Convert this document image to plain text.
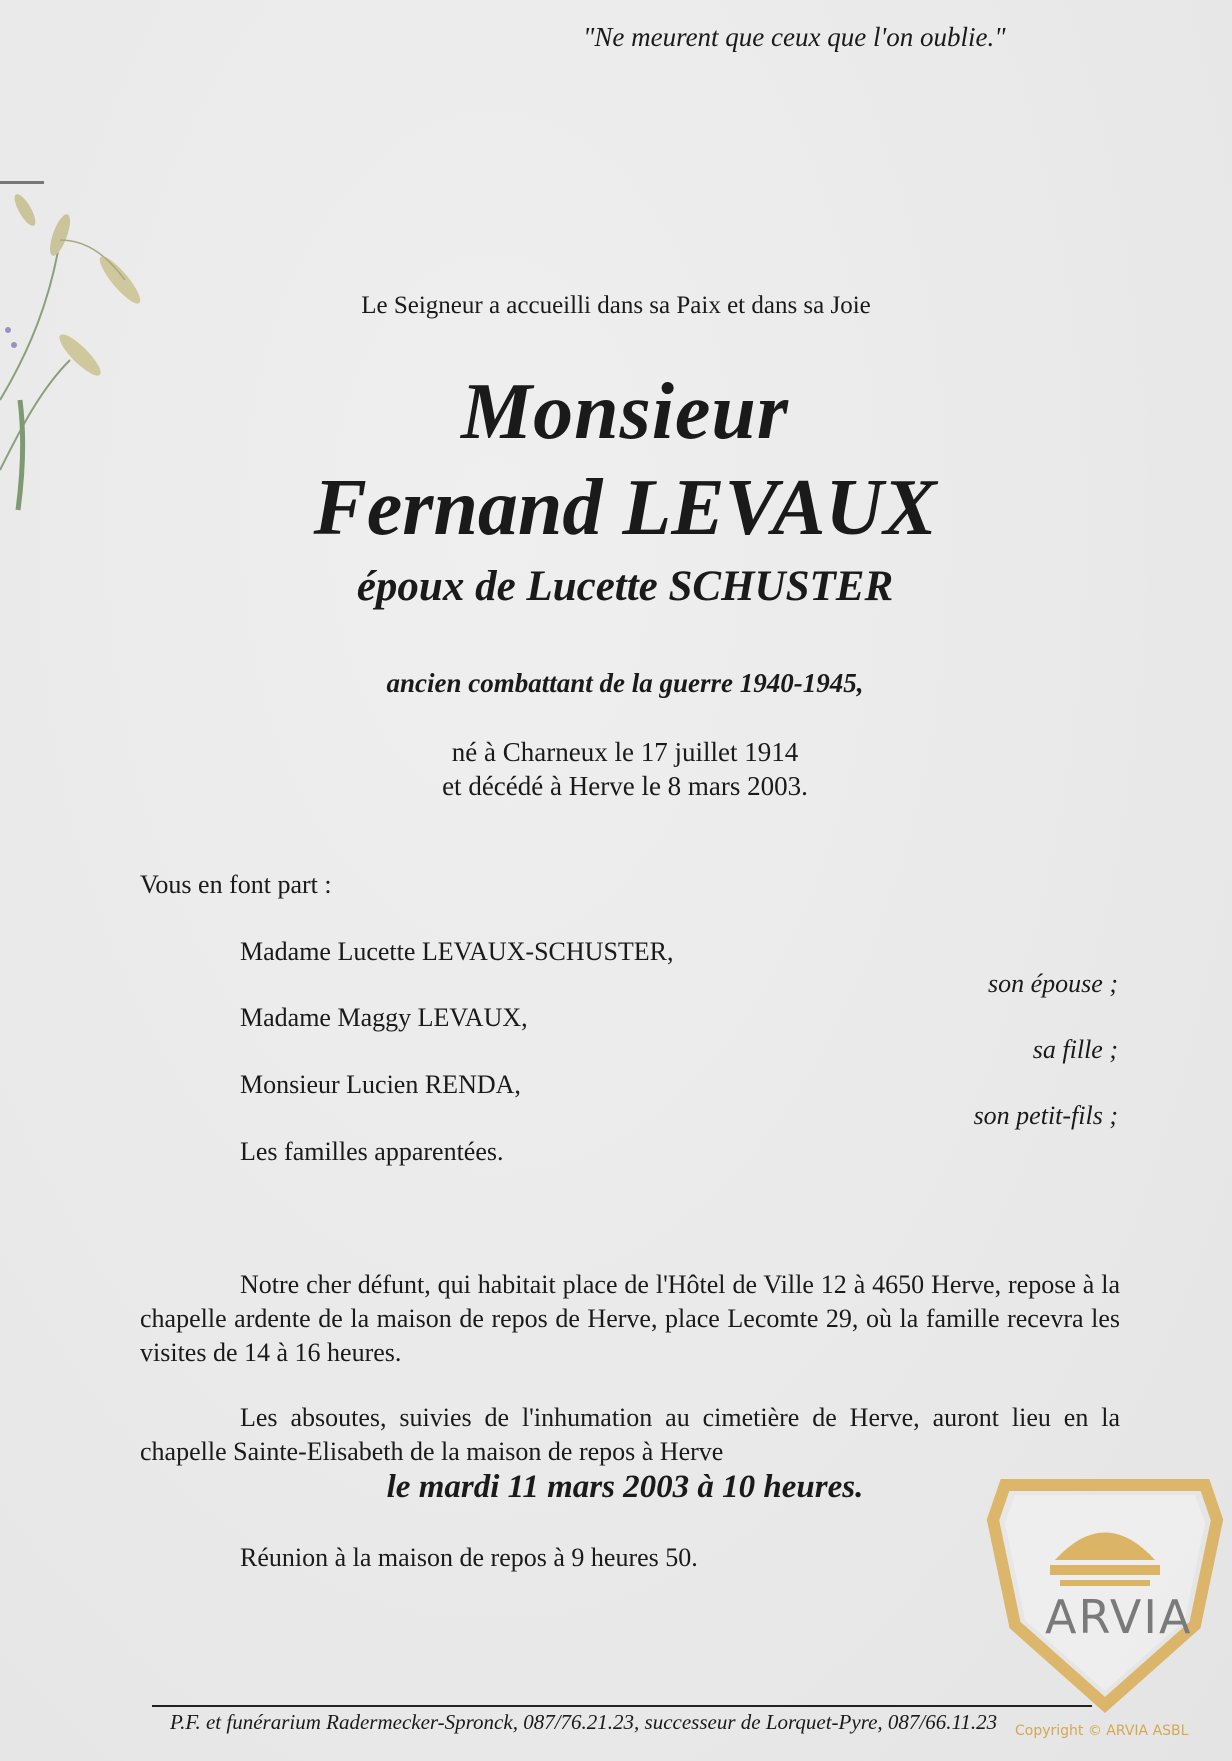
"Ne meurent que ceux que l'on oublie."
Le Seigneur a accueilli dans sa Paix et dans sa Joie
Monsieur
Fernand LEVAUX
époux de Lucette SCHUSTER
ancien combattant de la guerre 1940-1945,
né à Charneux le 17 juillet 1914
et décédé à Herve le 8 mars 2003.
Vous en font part :
Madame Lucette LEVAUX-SCHUSTER,
son épouse ;
Madame Maggy LEVAUX,
sa fille ;
Monsieur Lucien RENDA,
son petit-fils ;
Les familles apparentées.
Notre cher défunt, qui habitait place de l'Hôtel de Ville 12 à 4650 Herve, repose à la chapelle ardente de la maison de repos de Herve, place Lecomte 29, où la famille recevra les visites de 14 à 16 heures.
Les absoutes, suivies de l'inhumation au cimetière de Herve, auront lieu en la chapelle Sainte-Elisabeth de la maison de repos à Herve
le mardi 11 mars 2003 à 10 heures.
Réunion à la maison de repos à 9 heures 50.
ARVIA
P.F. et funérarium Radermecker-Spronck, 087/76.21.23, successeur de Lorquet-Pyre, 087/66.11.23 Copyright © ARVIA ASBL
